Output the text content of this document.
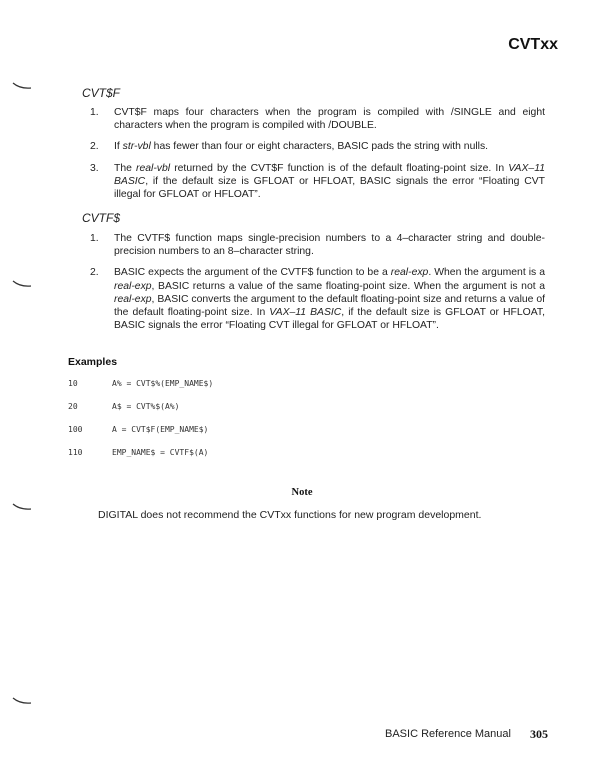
CVTxx
CVT$F
1. CVT$F maps four characters when the program is compiled with /SINGLE and eight characters when the program is compiled with /DOUBLE.
2. If str-vbl has fewer than four or eight characters, BASIC pads the string with nulls.
3. The real-vbl returned by the CVT$F function is of the default floating-point size. In VAX–11 BASIC, if the default size is GFLOAT or HFLOAT, BASIC signals the error “Floating CVT illegal for GFLOAT or HFLOAT”.
CVTF$
1. The CVTF$ function maps single-precision numbers to a 4–character string and double-precision numbers to an 8–character string.
2. BASIC expects the argument of the CVTF$ function to be a real-exp. When the argument is a real-exp, BASIC returns a value of the same floating-point size. When the argument is not a real-exp, BASIC converts the argument to the default floating-point size and returns a value of the default floating-point size. In VAX–11 BASIC, if the default size is GFLOAT or HFLOAT, BASIC signals the error “Floating CVT illegal for GFLOAT or HFLOAT”.
Examples
10	A% = CVT$%(EMP_NAME$)
20	A$ = CVT%$(A%)
100	A = CVT$F(EMP_NAME$)
110	EMP_NAME$ = CVTF$(A)
Note
DIGITAL does not recommend the CVTxx functions for new program development.
BASIC Reference Manual 305
